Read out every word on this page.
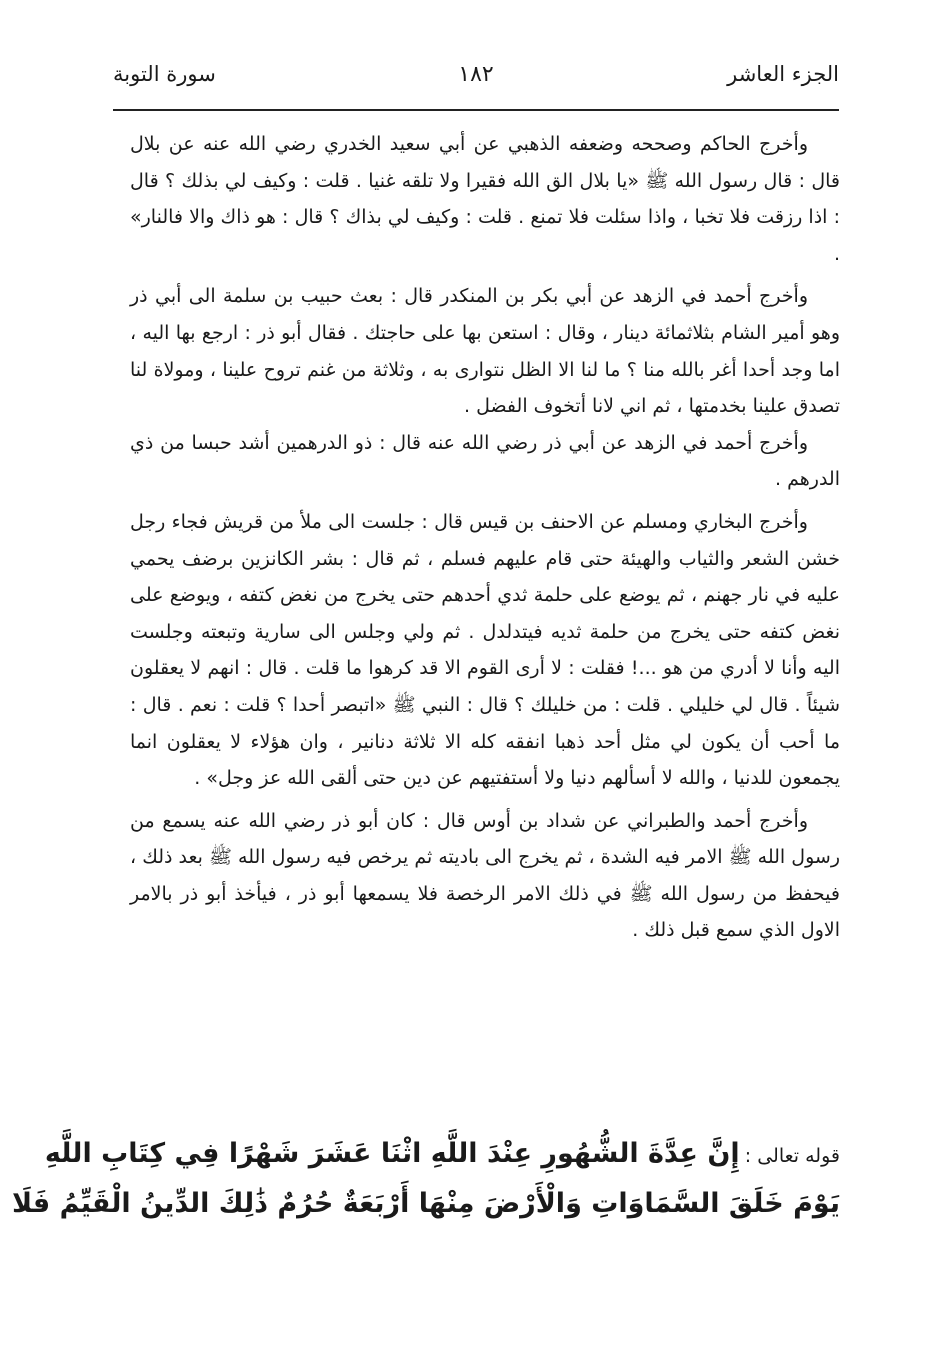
الجزء العاشر
١٨٢
سورة التوبة

وأخرج الحاكم وصححه وضعفه الذهبي عن أبي سعيد الخدري رضي الله عنه عن بلال قال : قال رسول الله ﷺ «يا بلال الق الله فقيرا ولا تلقه غنيا . قلت : وكيف لي بذلك ؟ قال : اذا رزقت فلا تخبا ، واذا سئلت فلا تمنع . قلت : وكيف لي بذاك ؟ قال : هو ذاك والا فالنار» .

وأخرج أحمد في الزهد عن أبي بكر بن المنكدر قال : بعث حبيب بن سلمة الى أبي ذر وهو أمير الشام بثلاثمائة دينار ، وقال : استعن بها على حاجتك . فقال أبو ذر : ارجع بها اليه ، اما وجد أحدا أغر بالله منا ؟ ما لنا الا الظل نتوارى به ، وثلاثة من غنم تروح علينا ، ومولاة لنا تصدق علينا بخدمتها ، ثم اني لانا أتخوف الفضل .

وأخرج أحمد في الزهد عن أبي ذر رضي الله عنه قال : ذو الدرهمين أشد حبسا من ذي الدرهم .

وأخرج البخاري ومسلم عن الاحنف بن قيس قال : جلست الى ملأ من قريش فجاء رجل خشن الشعر والثياب والهيئة حتى قام عليهم فسلم ، ثم قال : بشر الكانزين برضف يحمي عليه في نار جهنم ، ثم يوضع على حلمة ثدي أحدهم حتى يخرج من نغض كتفه ، ويوضع على نغض كتفه حتى يخرج من حلمة ثديه فيتدلدل . ثم ولي وجلس الى سارية وتبعته وجلست اليه وأنا لا أدري من هو ...! فقلت : لا أرى القوم الا قد كرهوا ما قلت . قال : انهم لا يعقلون شيئاً . قال لي خليلي . قلت : من خليلك ؟ قال : النبي ﷺ «اتبصر أحدا ؟ قلت : نعم . قال : ما أحب أن يكون لي مثل أحد ذهبا انفقه كله الا ثلاثة دنانير ، وان هؤلاء لا يعقلون انما يجمعون للدنيا ، والله لا أسألهم دنيا ولا أستفتيهم عن دين حتى ألقى الله عز وجل» .

وأخرج أحمد والطبراني عن شداد بن أوس قال : كان أبو ذر رضي الله عنه يسمع من رسول الله ﷺ الامر فيه الشدة ، ثم يخرج الى باديته ثم يرخص فيه رسول الله ﷺ بعد ذلك ، فيحفظ من رسول الله ﷺ في ذلك الامر الرخصة فلا يسمعها أبو ذر ، فيأخذ أبو ذر بالامر الاول الذي سمع قبل ذلك .

قوله تعالى : إِنَّ عِدَّةَ الشُّهُورِ عِنْدَ اللَّهِ اثْنَا عَشَرَ شَهْرًا فِي كِتَابِ اللَّهِ
يَوْمَ خَلَقَ السَّمَاوَاتِ وَالْأَرْضَ مِنْهَا أَرْبَعَةٌ حُرُمٌ ذَٰلِكَ الدِّينُ الْقَيِّمُ فَلَا
